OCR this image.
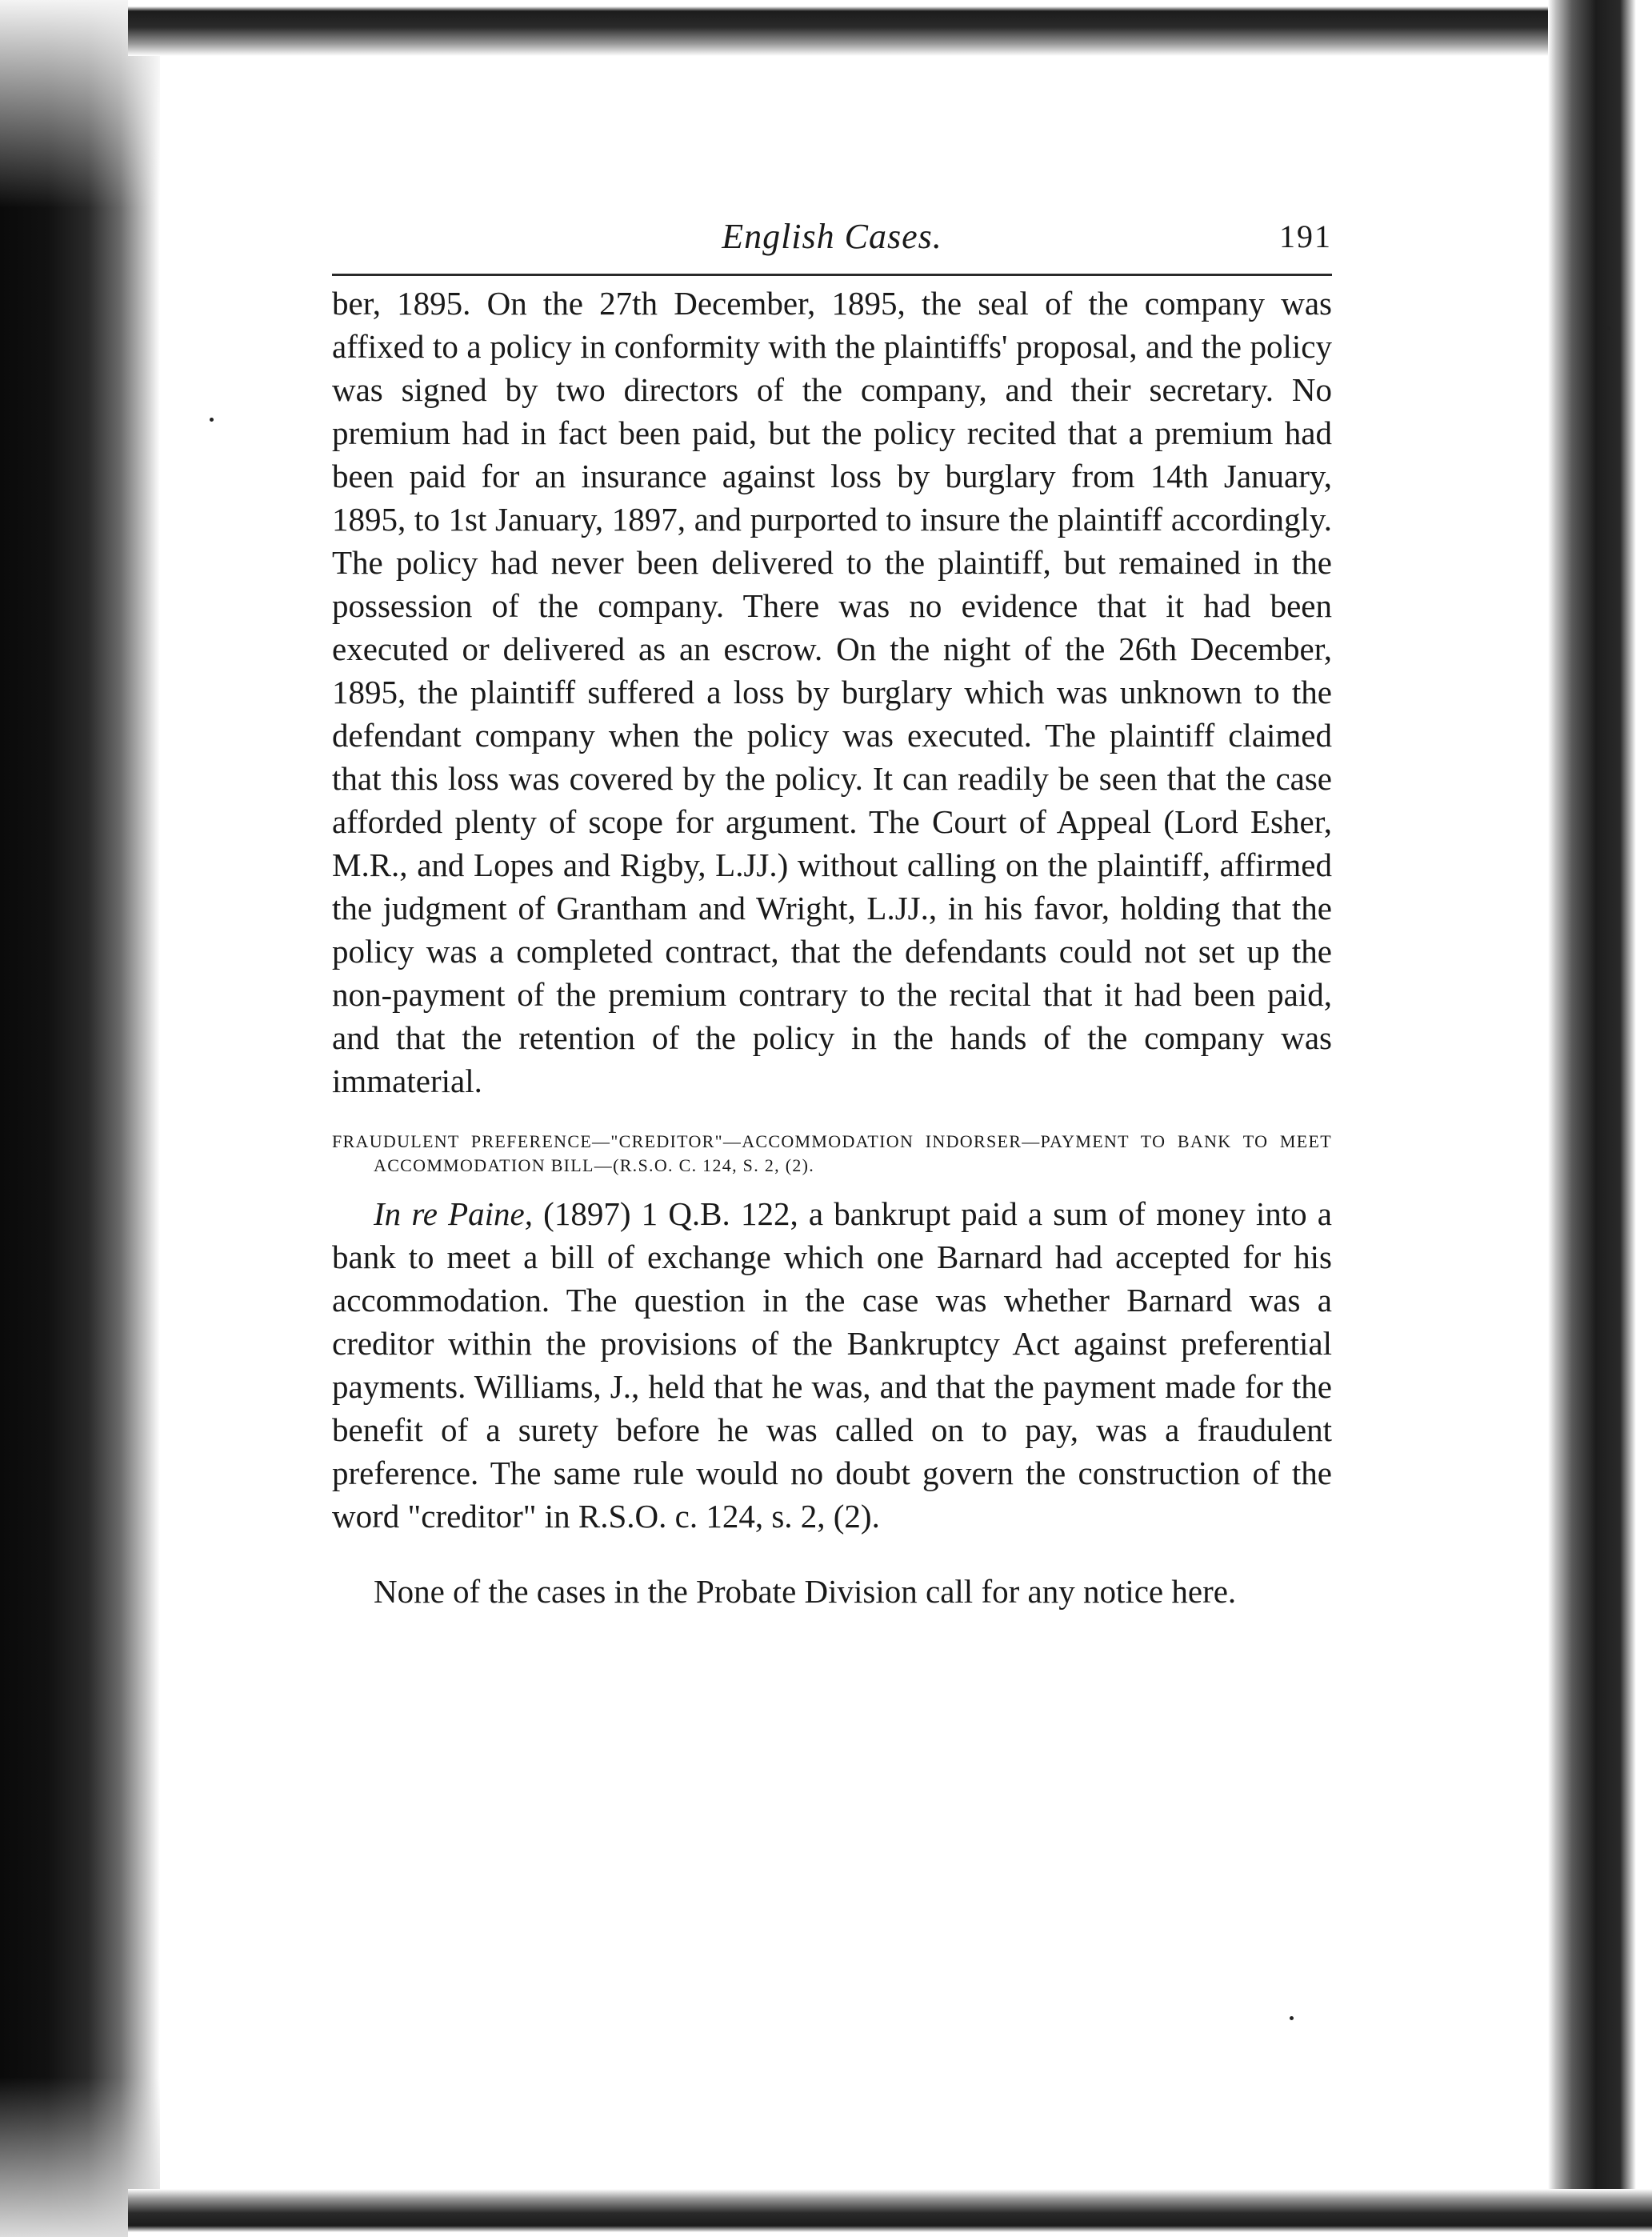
English Cases.	191

ber, 1895. On the 27th December, 1895, the seal of the company was affixed to a policy in conformity with the plaintiffs' proposal, and the policy was signed by two directors of the company, and their secretary. No premium had in fact been paid, but the policy recited that a premium had been paid for an insurance against loss by burglary from 14th January, 1895, to 1st January, 1897, and purported to insure the plaintiff accordingly. The policy had never been delivered to the plaintiff, but remained in the possession of the company. There was no evidence that it had been executed or delivered as an escrow. On the night of the 26th December, 1895, the plaintiff suffered a loss by burglary which was unknown to the defendant company when the policy was executed. The plaintiff claimed that this loss was covered by the policy. It can readily be seen that the case afforded plenty of scope for argument. The Court of Appeal (Lord Esher, M.R., and Lopes and Rigby, L.JJ.) without calling on the plaintiff, affirmed the judgment of Grantham and Wright, L.JJ., in his favor, holding that the policy was a completed contract, that the defendants could not set up the non-payment of the premium contrary to the recital that it had been paid, and that the retention of the policy in the hands of the company was immaterial.

FRAUDULENT PREFERENCE—"CREDITOR"—ACCOMMODATION INDORSER—PAYMENT TO BANK TO MEET ACCOMMODATION BILL—(R.S.O. C. 124, S. 2, (2).

In re Paine, (1897) 1 Q.B. 122, a bankrupt paid a sum of money into a bank to meet a bill of exchange which one Barnard had accepted for his accommodation. The question in the case was whether Barnard was a creditor within the provisions of the Bankruptcy Act against preferential payments. Williams, J., held that he was, and that the payment made for the benefit of a surety before he was called on to pay, was a fraudulent preference. The same rule would no doubt govern the construction of the word "creditor" in R.S.O. c. 124, s. 2, (2).

None of the cases in the Probate Division call for any notice here.
